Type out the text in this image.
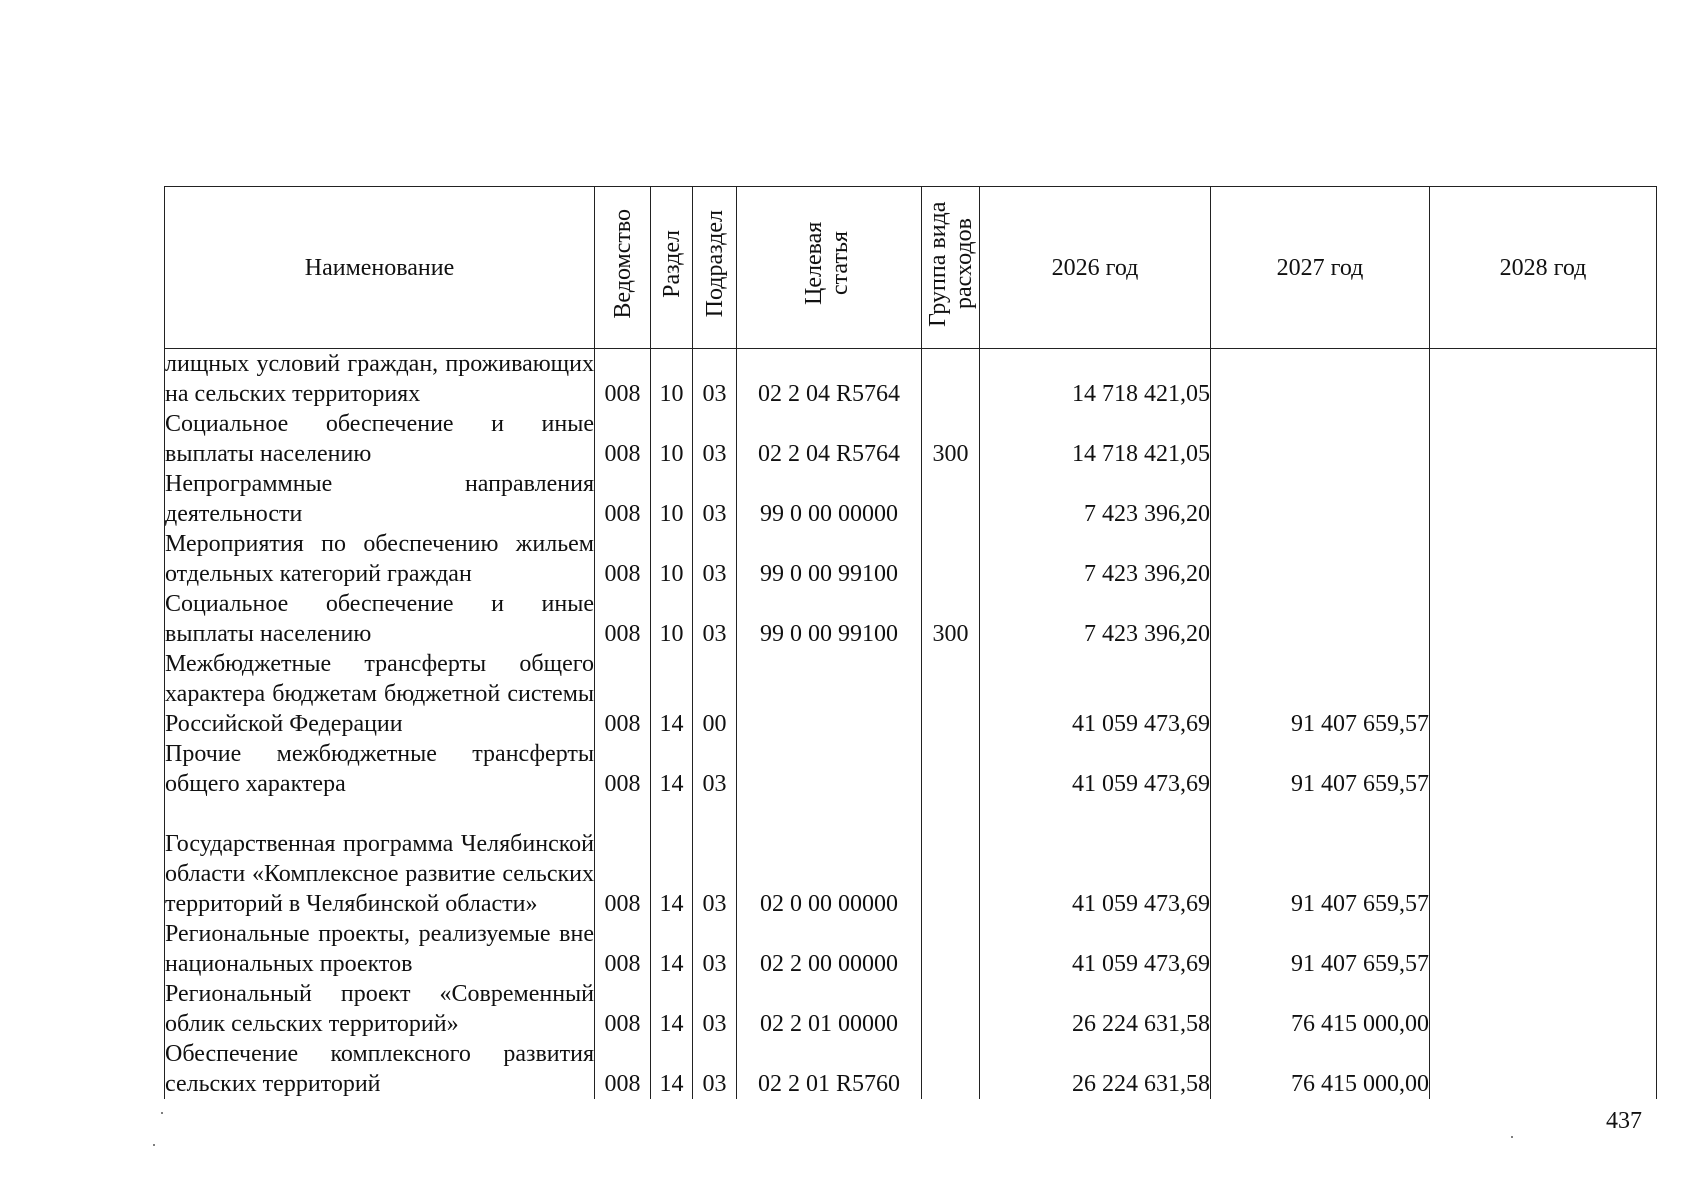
Наименование	Ведомство	Раздел	Подраздел	Целевая статья	Группа вида расходов	2026 год	2027 год	2028 год
лищных условий граждан, проживающих на сельских территориях	008	10	03	02 2 04 R5764		14 718 421,05		
Социальное обеспечение и иные выплаты населению	008	10	03	02 2 04 R5764	300	14 718 421,05		
Непрограммные направления деятельности	008	10	03	99 0 00 00000		7 423 396,20		
Мероприятия по обеспечению жильем отдельных категорий граждан	008	10	03	99 0 00 99100		7 423 396,20		
Социальное обеспечение и иные выплаты населению	008	10	03	99 0 00 99100	300	7 423 396,20		
Межбюджетные трансферты общего характера бюджетам бюджетной системы Российской Федерации	008	14	00			41 059 473,69	91 407 659,57	
Прочие межбюджетные трансферты общего характера	008	14	03			41 059 473,69	91 407 659,57	
Государственная программа Челябинской области «Комплексное развитие сельских территорий в Челябинской области»	008	14	03	02 0 00 00000		41 059 473,69	91 407 659,57	
Региональные проекты, реализуемые вне национальных проектов	008	14	03	02 2 00 00000		41 059 473,69	91 407 659,57	
Региональный проект «Современный облик сельских территорий»	008	14	03	02 2 01 00000		26 224 631,58	76 415 000,00	
Обеспечение комплексного развития сельских территорий	008	14	03	02 2 01 R5760		26 224 631,58	76 415 000,00	
437
